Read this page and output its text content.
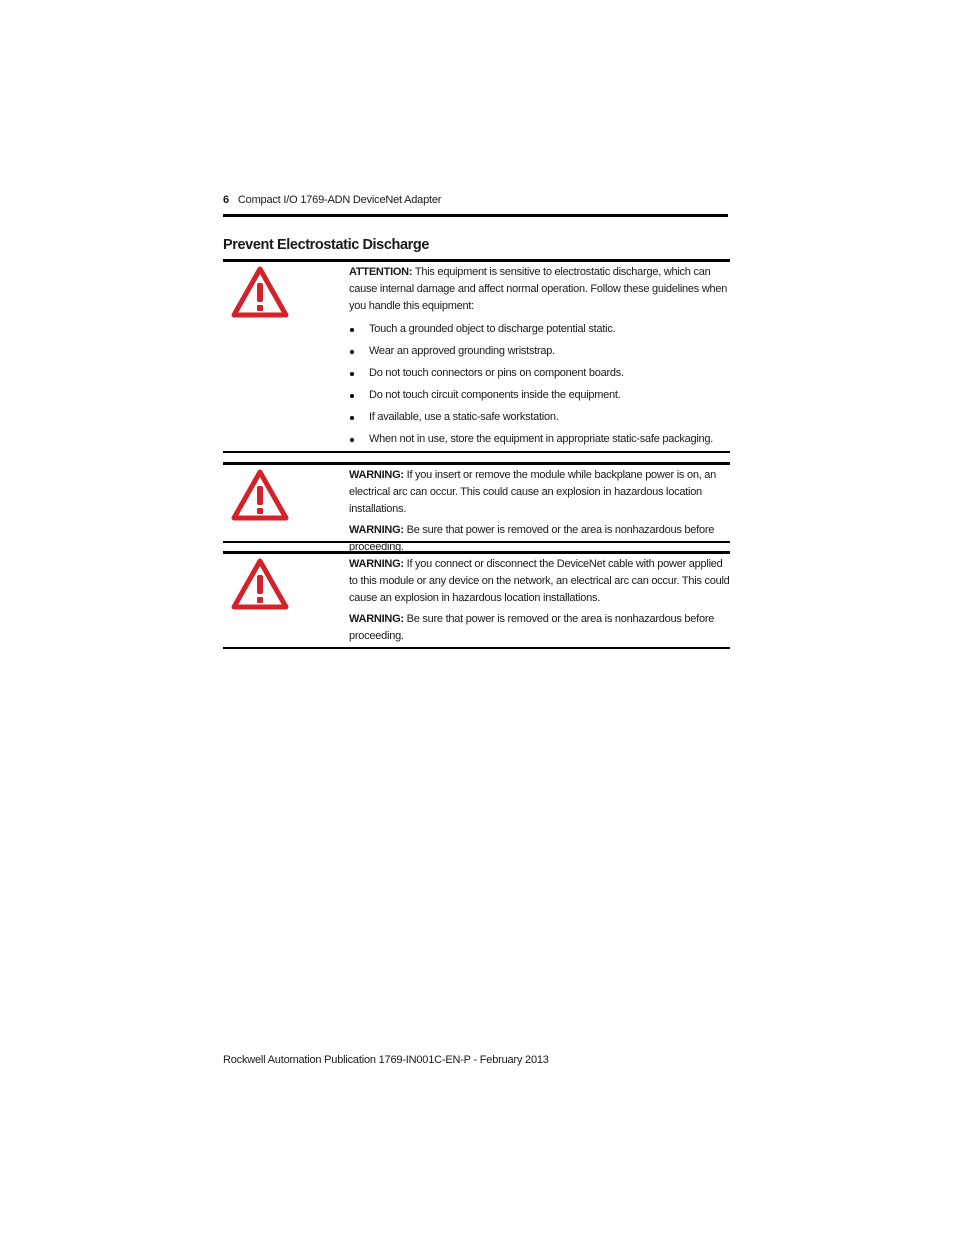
6 Compact I/O 1769-ADN DeviceNet Adapter
Prevent Electrostatic Discharge

ATTENTION: This equipment is sensitive to electrostatic discharge, which can cause internal damage and affect normal operation. Follow these guidelines when you handle this equipment:

Touch a grounded object to discharge potential static.
Wear an approved grounding wriststrap.
Do not touch connectors or pins on component boards.
Do not touch circuit components inside the equipment.
If available, use a static-safe workstation.
When not in use, store the equipment in appropriate static-safe packaging.

WARNING: If you insert or remove the module while backplane power is on, an electrical arc can occur. This could cause an explosion in hazardous location installations.

WARNING: Be sure that power is removed or the area is nonhazardous before proceeding.

WARNING: If you connect or disconnect the DeviceNet cable with power applied to this module or any device on the network, an electrical arc can occur. This could cause an explosion in hazardous location installations.

WARNING: Be sure that power is removed or the area is nonhazardous before proceeding.

Rockwell Automation Publication 1769-IN001C-EN-P - February 2013
